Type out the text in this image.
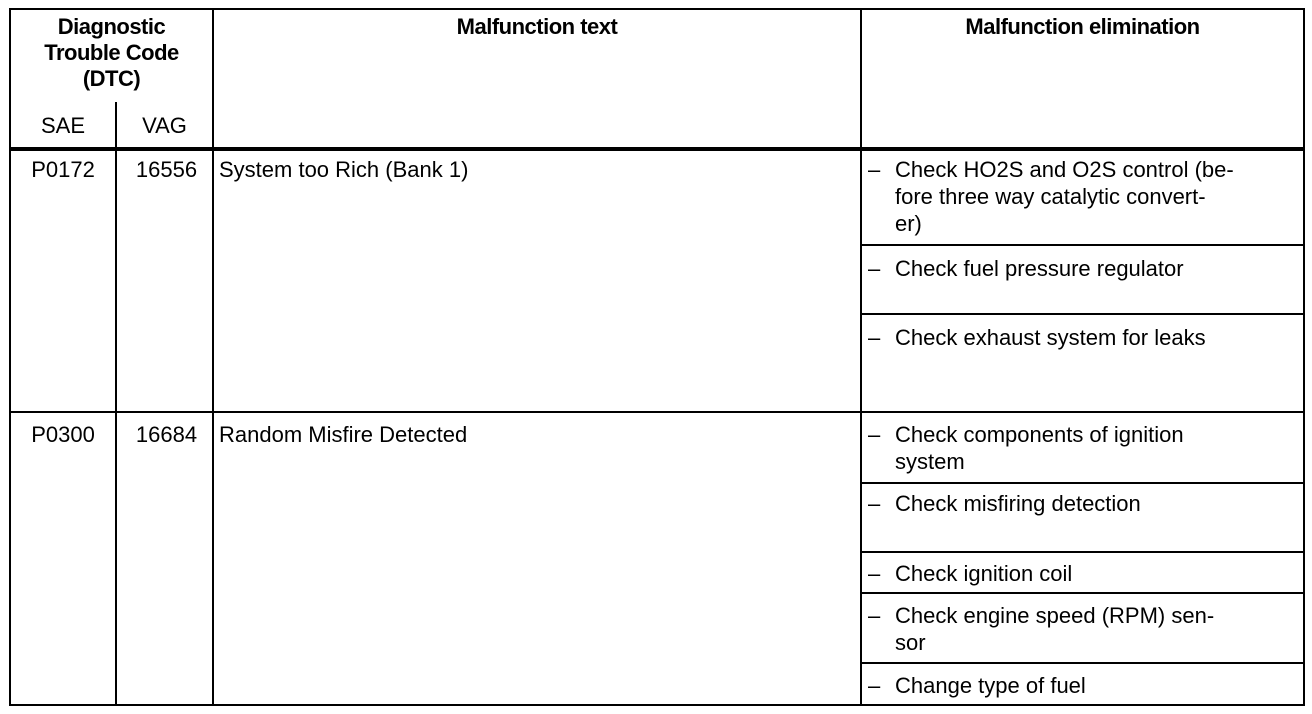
Diagnostic
Trouble Code
(DTC)
SAE	VAG
Malfunction text	Malfunction elimination
P0172	16556 System too Rich (Bank 1)	– Check HO2S and O2S control (be-
fore three way catalytic convert-
er)
– Check fuel pressure regulator
– Check exhaust system for leaks
P0300	16684 Random Misfire Detected	– Check components of ignition
system
– Check misfiring detection
– Check ignition coil
– Check engine speed (RPM) sen-
sor
– Change type of fuel
